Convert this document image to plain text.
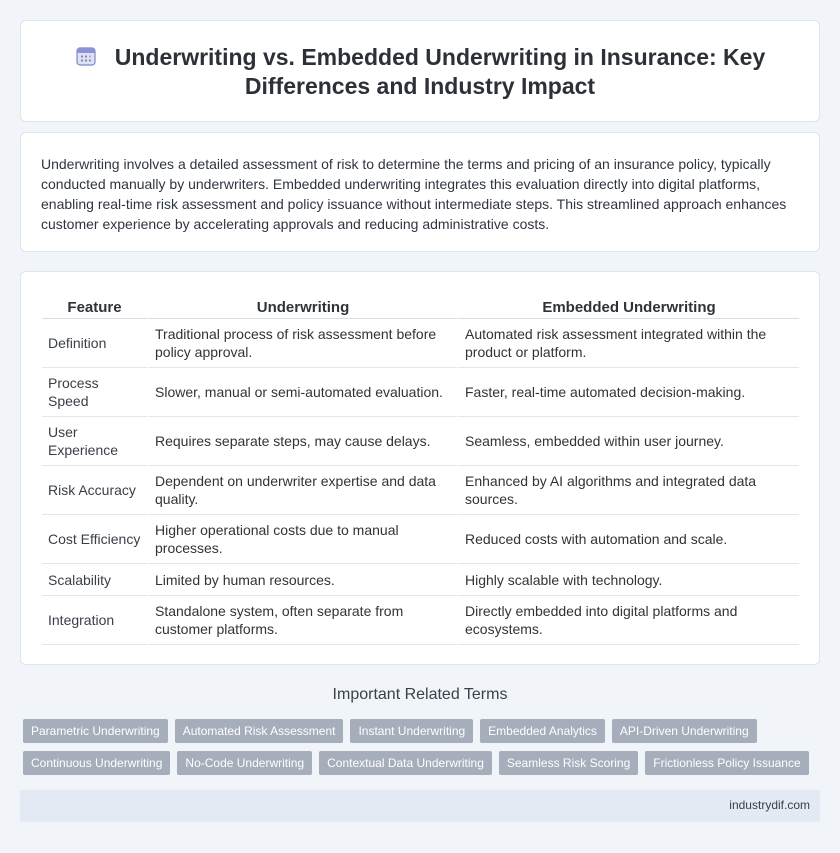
Underwriting vs. Embedded Underwriting in Insurance: Key Differences and Industry Impact

Underwriting involves a detailed assessment of risk to determine the terms and pricing of an insurance policy, typically conducted manually by underwriters. Embedded underwriting integrates this evaluation directly into digital platforms, enabling real-time risk assessment and policy issuance without intermediate steps. This streamlined approach enhances customer experience by accelerating approvals and reducing administrative costs.

Feature	Underwriting	Embedded Underwriting
Definition	Traditional process of risk assessment before policy approval.	Automated risk assessment integrated within the product or platform.
Process Speed	Slower, manual or semi-automated evaluation.	Faster, real-time automated decision-making.
User Experience	Requires separate steps, may cause delays.	Seamless, embedded within user journey.
Risk Accuracy	Dependent on underwriter expertise and data quality.	Enhanced by AI algorithms and integrated data sources.
Cost Efficiency	Higher operational costs due to manual processes.	Reduced costs with automation and scale.
Scalability	Limited by human resources.	Highly scalable with technology.
Integration	Standalone system, often separate from customer platforms.	Directly embedded into digital platforms and ecosystems.
Important Related Terms
Parametric Underwriting	Automated Risk Assessment	Instant Underwriting	Embedded Analytics	API-Driven Underwriting
Continuous Underwriting	No-Code Underwriting	Contextual Data Underwriting	Seamless Risk Scoring	Frictionless Policy Issuance
industrydif.com
